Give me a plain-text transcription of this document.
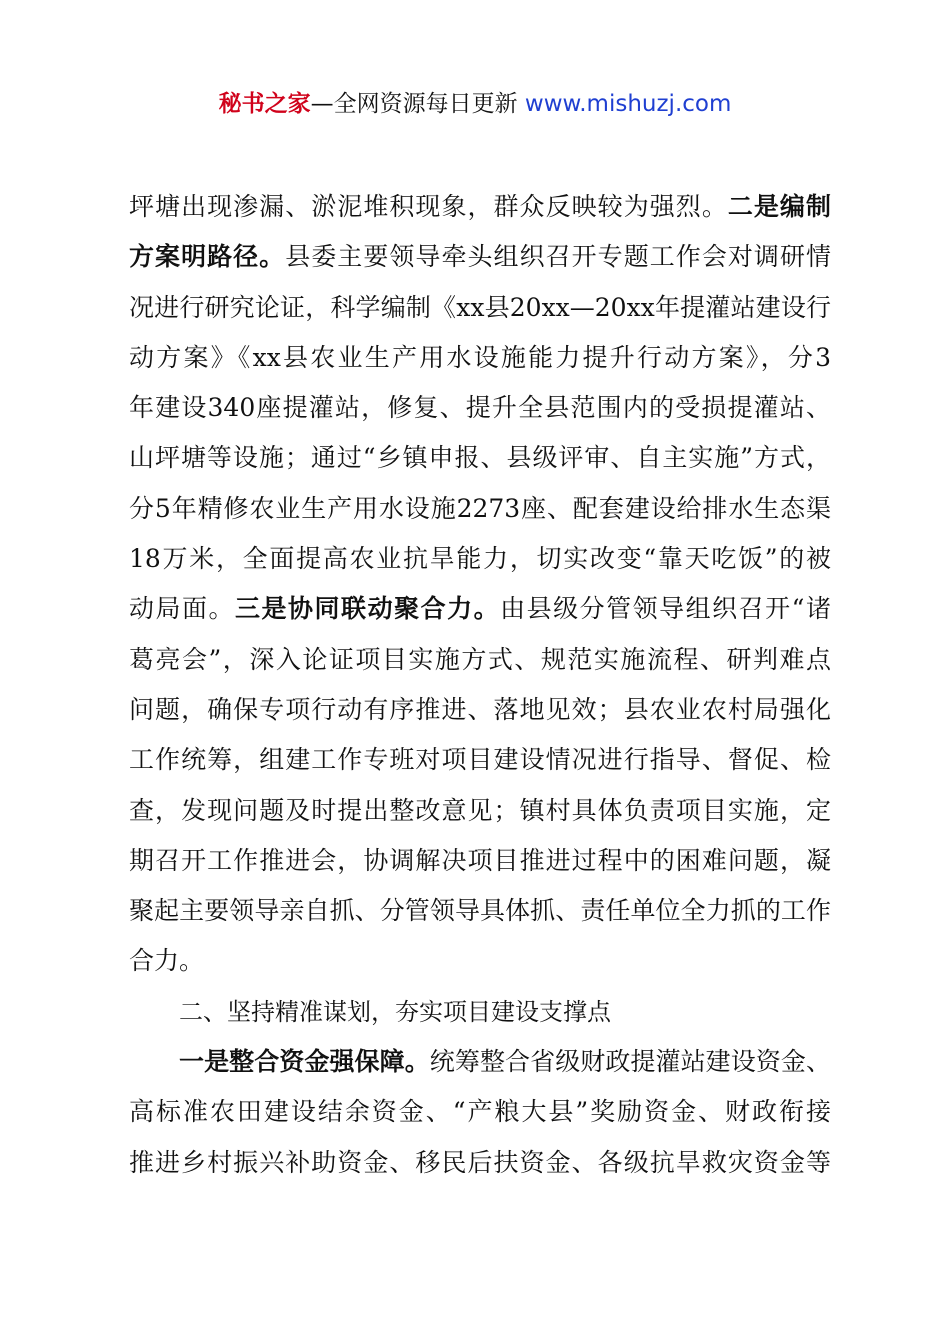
秘书之家—全网资源每日更新 www.mishuzj.com
坪塘出现渗漏、淤泥堆积现象，群众反映较为强烈。二是编制
方案明路径。县委主要领导牵头组织召开专题工作会对调研情
况进行研究论证，科学编制《xx县20xx—20xx年提灌站建设行
动方案》《xx县农业生产用水设施能力提升行动方案》，分3
年建设340座提灌站，修复、提升全县范围内的受损提灌站、
山坪塘等设施；通过“乡镇申报、县级评审、自主实施”方式，
分5年精修农业生产用水设施2273座、配套建设给排水生态渠
18万米，全面提高农业抗旱能力，切实改变“靠天吃饭”的被
动局面。三是协同联动聚合力。由县级分管领导组织召开“诸
葛亮会”，深入论证项目实施方式、规范实施流程、研判难点
问题，确保专项行动有序推进、落地见效；县农业农村局强化
工作统筹，组建工作专班对项目建设情况进行指导、督促、检
查，发现问题及时提出整改意见；镇村具体负责项目实施，定
期召开工作推进会，协调解决项目推进过程中的困难问题，凝
聚起主要领导亲自抓、分管领导具体抓、责任单位全力抓的工作
合力。
二、坚持精准谋划，夯实项目建设支撑点
一是整合资金强保障。统筹整合省级财政提灌站建设资金、
高标准农田建设结余资金、“产粮大县”奖励资金、财政衔接
推进乡村振兴补助资金、移民后扶资金、各级抗旱救灾资金等
